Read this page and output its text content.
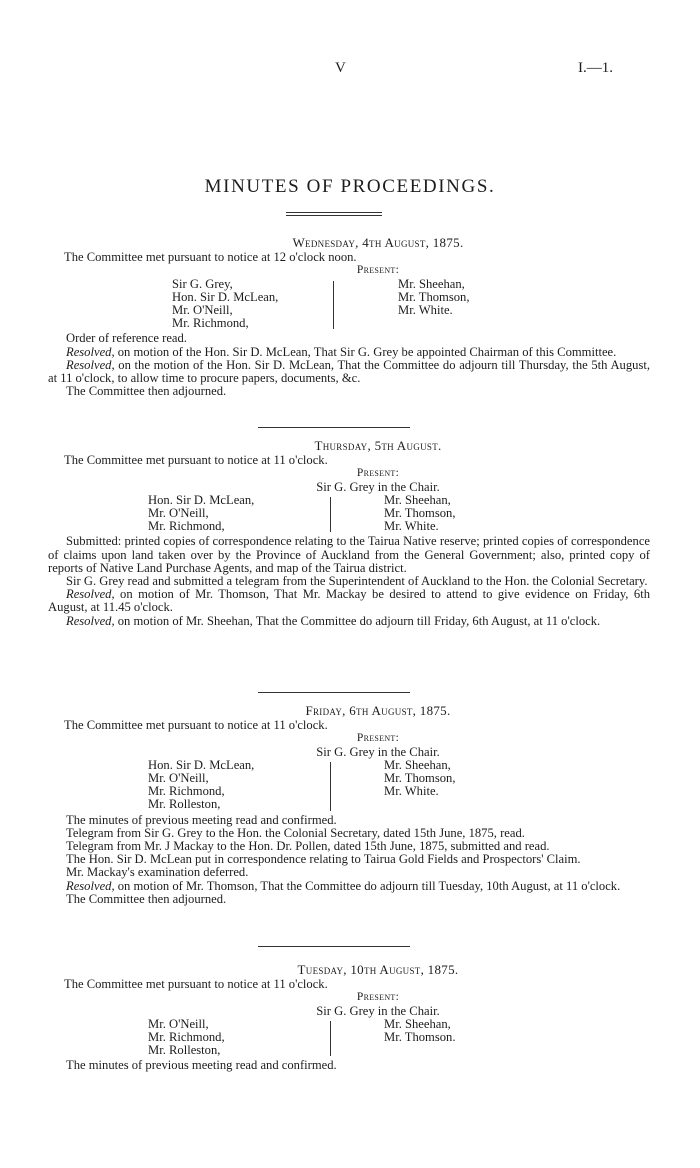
V	I.—1.
MINUTES OF PROCEEDINGS.
Wednesday, 4th August, 1875.

The Committee met pursuant to notice at 12 o'clock noon.

Present:
Sir G. Grey,
Hon. Sir D. McLean,
Mr. O'Neill,
Mr. Richmond,
Mr. Sheehan,
Mr. Thomson,
Mr. White.

Order of reference read.

Resolved, on motion of the Hon. Sir D. McLean, That Sir G. Grey be appointed Chairman of this Committee.

Resolved, on the motion of the Hon. Sir D. McLean, That the Committee do adjourn till Thursday, the 5th August, at 11 o'clock, to allow time to procure papers, documents, &c.

The Committee then adjourned.

Thursday, 5th August.

The Committee met pursuant to notice at 11 o'clock.

Present:
Sir G. Grey in the Chair.
Hon. Sir D. McLean,
Mr. O'Neill,
Mr. Richmond,
Mr. Sheehan,
Mr. Thomson,
Mr. White.

Submitted: printed copies of correspondence relating to the Tairua Native reserve; printed copies of correspondence of claims upon land taken over by the Province of Auckland from the General Government; also, printed copy of reports of Native Land Purchase Agents, and map of the Tairua district.

Sir G. Grey read and submitted a telegram from the Superintendent of Auckland to the Hon. the Colonial Secretary.

Resolved, on motion of Mr. Thomson, That Mr. Mackay be desired to attend to give evidence on Friday, 6th August, at 11.45 o'clock.

Resolved, on motion of Mr. Sheehan, That the Committee do adjourn till Friday, 6th August, at 11 o'clock.

Friday, 6th August, 1875.

The Committee met pursuant to notice at 11 o'clock.

Present:
Sir G. Grey in the Chair.
Hon. Sir D. McLean,
Mr. O'Neill,
Mr. Richmond,
Mr. Rolleston,
Mr. Sheehan,
Mr. Thomson,
Mr. White.

The minutes of previous meeting read and confirmed.

Telegram from Sir G. Grey to the Hon. the Colonial Secretary, dated 15th June, 1875, read.

Telegram from Mr. J Mackay to the Hon. Dr. Pollen, dated 15th June, 1875, submitted and read.

The Hon. Sir D. McLean put in correspondence relating to Tairua Gold Fields and Prospectors' Claim.

Mr. Mackay's examination deferred.

Resolved, on motion of Mr. Thomson, That the Committee do adjourn till Tuesday, 10th August, at 11 o'clock.

The Committee then adjourned.

Tuesday, 10th August, 1875.

The Committee met pursuant to notice at 11 o'clock.

Present:
Sir G. Grey in the Chair.
Mr. O'Neill,
Mr. Richmond,
Mr. Rolleston,
Mr. Sheehan,
Mr. Thomson.

The minutes of previous meeting read and confirmed.
